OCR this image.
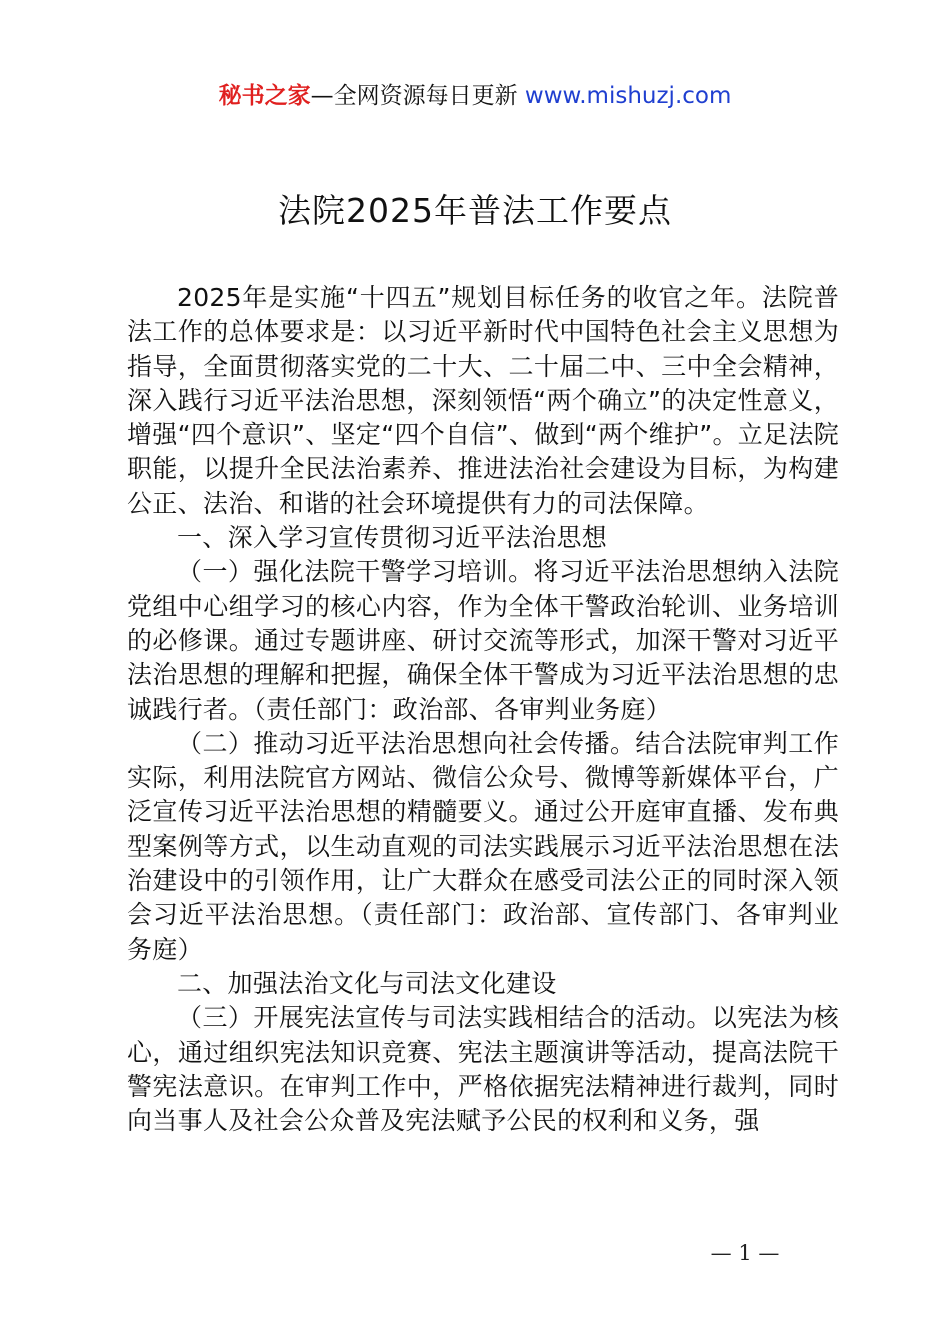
秘书之家—全网资源每日更新 www.mishuzj.com
法院2025年普法工作要点

2025年是实施“十四五”规划目标任务的收官之年。法院普法工作的总体要求是：以习近平新时代中国特色社会主义思想为指导，全面贯彻落实党的二十大、二十届二中、三中全会精神，深入践行习近平法治思想，深刻领悟“两个确立”的决定性意义，增强“四个意识”、坚定“四个自信”、做到“两个维护”。立足法院职能，以提升全民法治素养、推进法治社会建设为目标，为构建公正、法治、和谐的社会环境提供有力的司法保障。

一、深入学习宣传贯彻习近平法治思想

（一）强化法院干警学习培训。将习近平法治思想纳入法院党组中心组学习的核心内容，作为全体干警政治轮训、业务培训的必修课。通过专题讲座、研讨交流等形式，加深干警对习近平法治思想的理解和把握，确保全体干警成为习近平法治思想的忠诚践行者。（责任部门：政治部、各审判业务庭）

（二）推动习近平法治思想向社会传播。结合法院审判工作实际，利用法院官方网站、微信公众号、微博等新媒体平台，广泛宣传习近平法治思想的精髓要义。通过公开庭审直播、发布典型案例等方式，以生动直观的司法实践展示习近平法治思想在法治建设中的引领作用，让广大群众在感受司法公正的同时深入领会习近平法治思想。（责任部门：政治部、宣传部门、各审判业务庭）

二、加强法治文化与司法文化建设

（三）开展宪法宣传与司法实践相结合的活动。以宪法为核心，通过组织宪法知识竞赛、宪法主题演讲等活动，提高法院干警宪法意识。在审判工作中，严格依据宪法精神进行裁判，同时向当事人及社会公众普及宪法赋予公民的权利和义务，强

— 1 —
